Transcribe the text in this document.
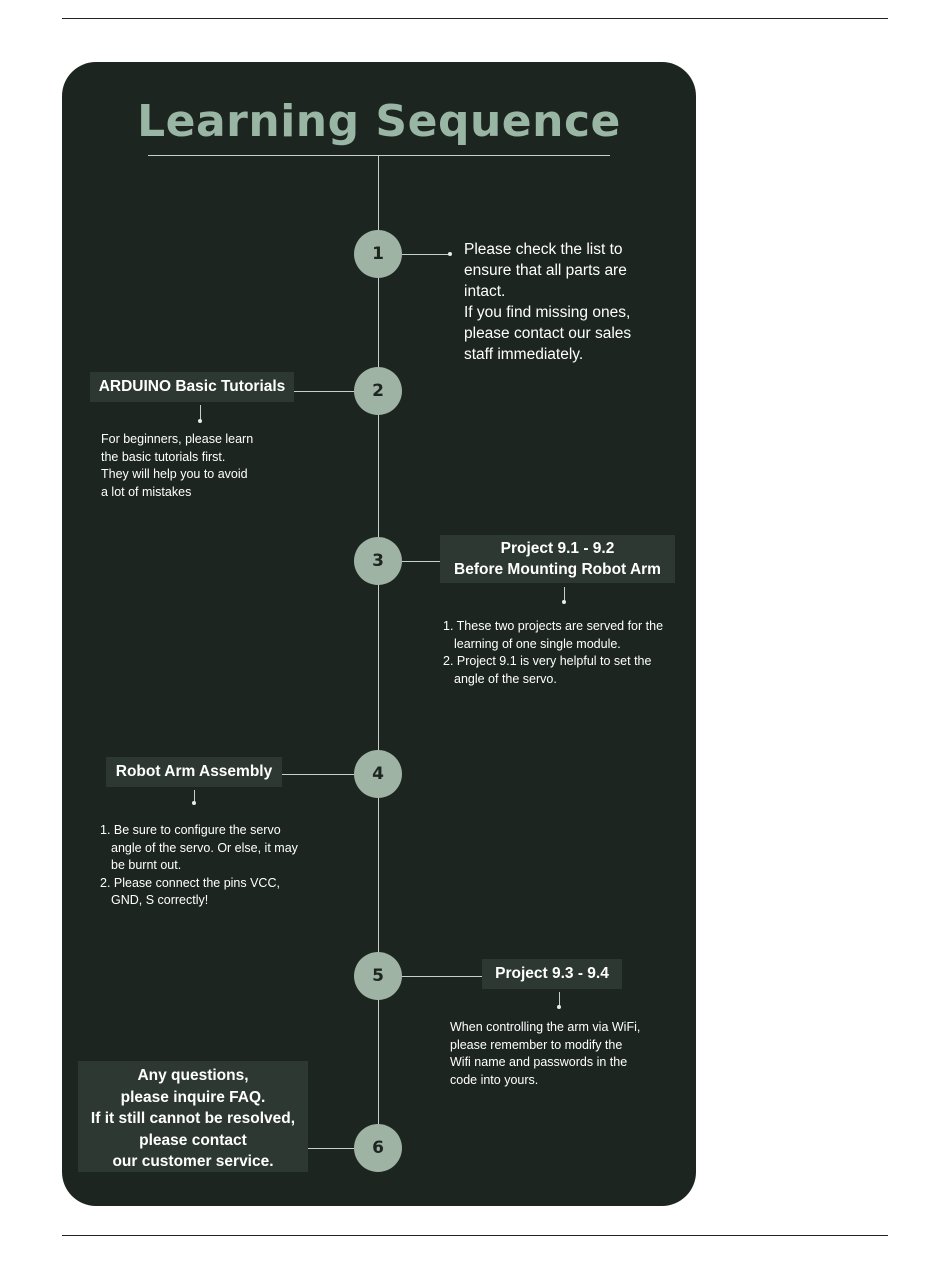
Learning Sequence
1	Please check the list to
ensure that all parts are
intact.
If you find missing ones,
please contact our sales
staff immediately.
2
ARDUINO Basic Tutorials
For beginners, please learn
the basic tutorials first.
They will help you to avoid
a lot of mistakes
3
Project 9.1 - 9.2
Before Mounting Robot Arm
1. These two projects are served for the learning of one single module.
2. Project 9.1 is very helpful to set the angle of the servo.
4
Robot Arm Assembly
1. Be sure to configure the servo angle of the servo. Or else, it may be burnt out.
2. Please connect the pins VCC, GND, S correctly!
5	Project 9.3 - 9.4
When controlling the arm via WiFi,
please remember to modify the
Wifi name and passwords in the
code into yours.
6
Any questions,
please inquire FAQ.
If it still cannot be resolved,
please contact
our customer service.
